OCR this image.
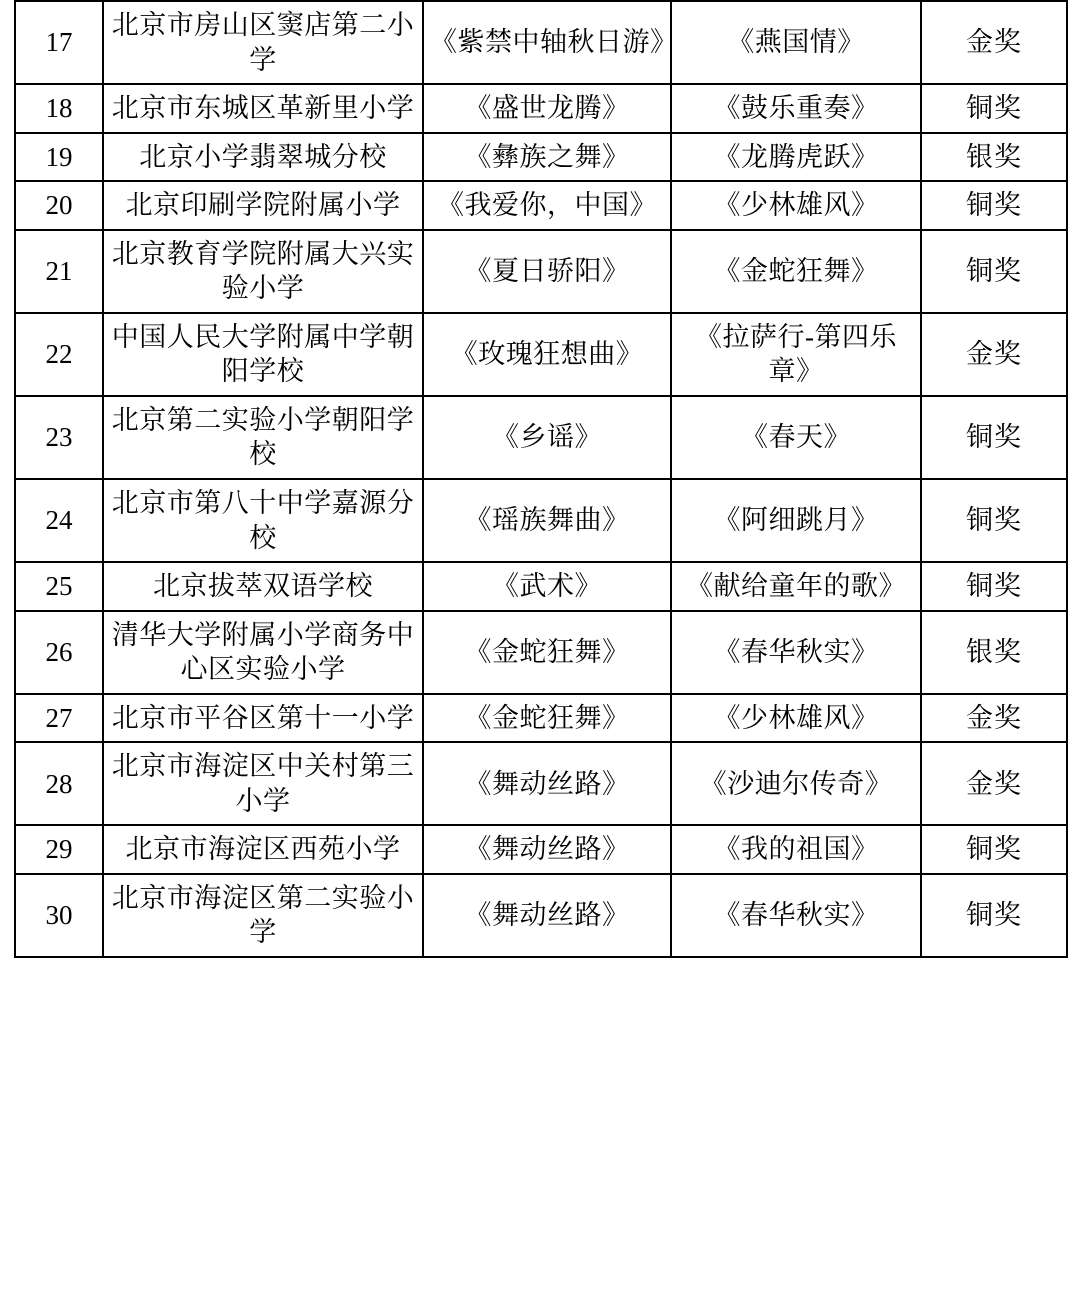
17	北京市房山区窦店第二小学	《紫禁中轴秋日游》	《燕国情》	金奖
18	北京市东城区革新里小学	《盛世龙腾》	《鼓乐重奏》	铜奖
19	北京小学翡翠城分校	《彝族之舞》	《龙腾虎跃》	银奖
20	北京印刷学院附属小学	《我爱你，中国》	《少林雄风》	铜奖
21	北京教育学院附属大兴实验小学	《夏日骄阳》	《金蛇狂舞》	铜奖
22	中国人民大学附属中学朝阳学校	《玫瑰狂想曲》	《拉萨行-第四乐章》	金奖
23	北京第二实验小学朝阳学校	《乡谣》	《春天》	铜奖
24	北京市第八十中学嘉源分校	《瑶族舞曲》	《阿细跳月》	铜奖
25	北京拔萃双语学校	《武术》	《献给童年的歌》	铜奖
26	清华大学附属小学商务中心区实验小学	《金蛇狂舞》	《春华秋实》	银奖
27	北京市平谷区第十一小学	《金蛇狂舞》	《少林雄风》	金奖
28	北京市海淀区中关村第三小学	《舞动丝路》	《沙迪尔传奇》	金奖
29	北京市海淀区西苑小学	《舞动丝路》	《我的祖国》	铜奖
30	北京市海淀区第二实验小学	《舞动丝路》	《春华秋实》	铜奖
